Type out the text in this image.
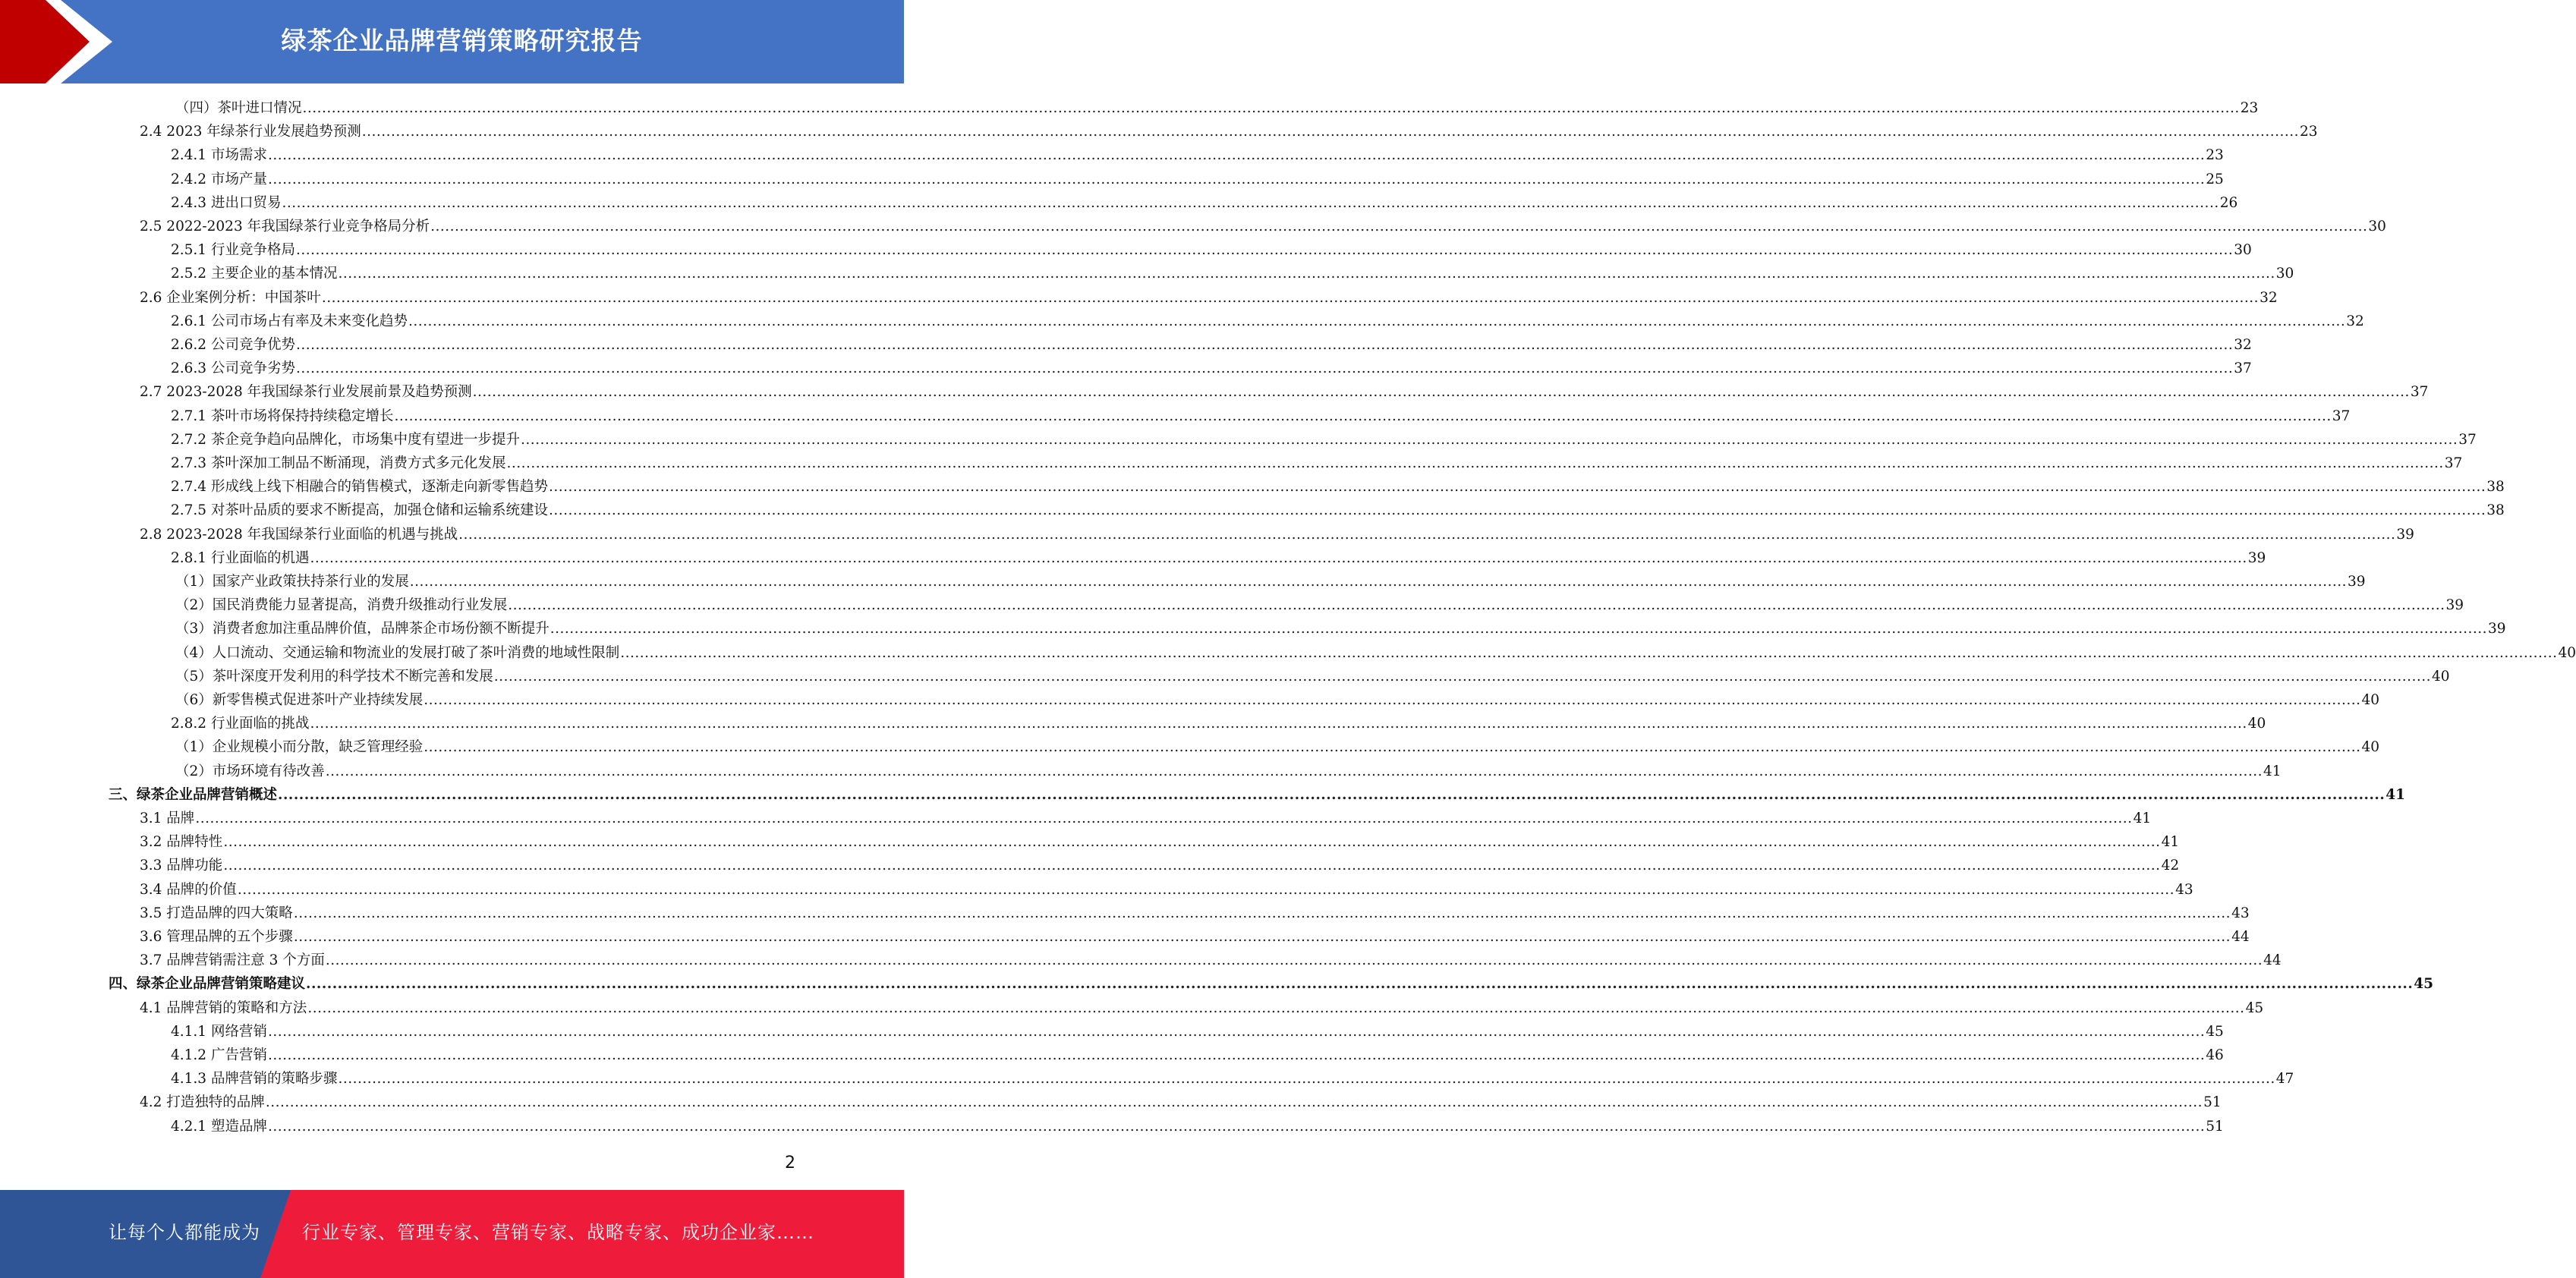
绿茶企业品牌营销策略研究报告
（四）茶叶进口情况 ................................................................................................................................................................................................................................................................................................................................................................................................................ 23
2.4 2023 年绿茶行业发展趋势预测 ................................................................................................................................................................................................................................................................................................................................................................................................................ 23
2.4.1 市场需求 ................................................................................................................................................................................................................................................................................................................................................................................................................ 23
2.4.2 市场产量 ................................................................................................................................................................................................................................................................................................................................................................................................................ 25
2.4.3 进出口贸易 ................................................................................................................................................................................................................................................................................................................................................................................................................ 26
2.5 2022-2023 年我国绿茶行业竞争格局分析 ................................................................................................................................................................................................................................................................................................................................................................................................................ 30
2.5.1 行业竞争格局 ................................................................................................................................................................................................................................................................................................................................................................................................................ 30
2.5.2 主要企业的基本情况 ................................................................................................................................................................................................................................................................................................................................................................................................................ 30
2.6 企业案例分析：中国茶叶 ................................................................................................................................................................................................................................................................................................................................................................................................................ 32
2.6.1 公司市场占有率及未来变化趋势 ................................................................................................................................................................................................................................................................................................................................................................................................................ 32
2.6.2 公司竞争优势 ................................................................................................................................................................................................................................................................................................................................................................................................................ 32
2.6.3 公司竞争劣势 ................................................................................................................................................................................................................................................................................................................................................................................................................ 37
2.7 2023-2028 年我国绿茶行业发展前景及趋势预测 ................................................................................................................................................................................................................................................................................................................................................................................................................ 37
2.7.1 茶叶市场将保持持续稳定增长 ................................................................................................................................................................................................................................................................................................................................................................................................................ 37
2.7.2 茶企竞争趋向品牌化，市场集中度有望进一步提升 ................................................................................................................................................................................................................................................................................................................................................................................................................ 37
2.7.3 茶叶深加工制品不断涌现，消费方式多元化发展 ................................................................................................................................................................................................................................................................................................................................................................................................................ 37
2.7.4 形成线上线下相融合的销售模式，逐渐走向新零售趋势 ................................................................................................................................................................................................................................................................................................................................................................................................................ 38
2.7.5 对茶叶品质的要求不断提高，加强仓储和运输系统建设 ................................................................................................................................................................................................................................................................................................................................................................................................................ 38
2.8 2023-2028 年我国绿茶行业面临的机遇与挑战 ................................................................................................................................................................................................................................................................................................................................................................................................................ 39
2.8.1 行业面临的机遇 ................................................................................................................................................................................................................................................................................................................................................................................................................ 39
（1）国家产业政策扶持茶行业的发展 ................................................................................................................................................................................................................................................................................................................................................................................................................ 39
（2）国民消费能力显著提高，消费升级推动行业发展 ................................................................................................................................................................................................................................................................................................................................................................................................................ 39
（3）消费者愈加注重品牌价值，品牌茶企市场份额不断提升 ................................................................................................................................................................................................................................................................................................................................................................................................................ 39
（4）人口流动、交通运输和物流业的发展打破了茶叶消费的地域性限制 ................................................................................................................................................................................................................................................................................................................................................................................................................ 40
（5）茶叶深度开发利用的科学技术不断完善和发展 ................................................................................................................................................................................................................................................................................................................................................................................................................ 40
（6）新零售模式促进茶叶产业持续发展 ................................................................................................................................................................................................................................................................................................................................................................................................................ 40
2.8.2 行业面临的挑战 ................................................................................................................................................................................................................................................................................................................................................................................................................ 40
（1）企业规模小而分散，缺乏管理经验 ................................................................................................................................................................................................................................................................................................................................................................................................................ 40
（2）市场环境有待改善 ................................................................................................................................................................................................................................................................................................................................................................................................................ 41
三、绿茶企业品牌营销概述 ................................................................................................................................................................................................................................................................................................................................................................................................................ 41
3.1 品牌 ................................................................................................................................................................................................................................................................................................................................................................................................................ 41
3.2 品牌特性 ................................................................................................................................................................................................................................................................................................................................................................................................................ 41
3.3 品牌功能 ................................................................................................................................................................................................................................................................................................................................................................................................................ 42
3.4 品牌的价值 ................................................................................................................................................................................................................................................................................................................................................................................................................ 43
3.5 打造品牌的四大策略 ................................................................................................................................................................................................................................................................................................................................................................................................................ 43
3.6 管理品牌的五个步骤 ................................................................................................................................................................................................................................................................................................................................................................................................................ 44
3.7 品牌营销需注意 3 个方面 ................................................................................................................................................................................................................................................................................................................................................................................................................ 44
四、绿茶企业品牌营销策略建议 ................................................................................................................................................................................................................................................................................................................................................................................................................ 45
4.1 品牌营销的策略和方法 ................................................................................................................................................................................................................................................................................................................................................................................................................ 45
4.1.1 网络营销 ................................................................................................................................................................................................................................................................................................................................................................................................................ 45
4.1.2 广告营销 ................................................................................................................................................................................................................................................................................................................................................................................................................ 46
4.1.3 品牌营销的策略步骤 ................................................................................................................................................................................................................................................................................................................................................................................................................ 47
4.2 打造独特的品牌 ................................................................................................................................................................................................................................................................................................................................................................................................................ 51
4.2.1 塑造品牌 ................................................................................................................................................................................................................................................................................................................................................................................................................ 51
2
让每个人都能成为 行业专家、管理专家、营销专家、战略专家、成功企业家……
